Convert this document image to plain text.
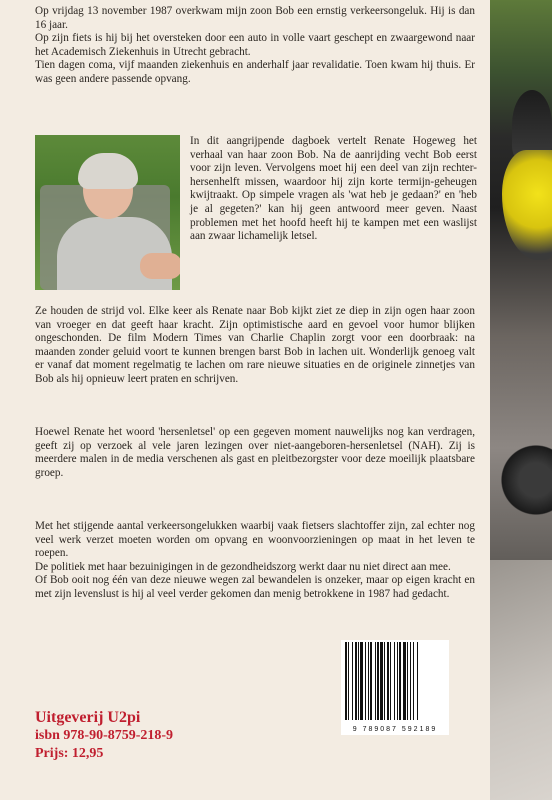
Op vrijdag 13 november 1987 overkwam mijn zoon Bob een ernstig verkeersongeluk. Hij is dan 16 jaar.
Op zijn fiets is hij bij het oversteken door een auto in volle vaart geschept en zwaargewond naar het Academisch Ziekenhuis in Utrecht gebracht.
Tien dagen coma, vijf maanden ziekenhuis en anderhalf jaar revalidatie. Toen kwam hij thuis. Er was geen andere passende opvang.

In dit aangrijpende dagboek vertelt Renate Hogeweg het verhaal van haar zoon Bob. Na de aanrijding vecht Bob eerst voor zijn leven. Vervolgens moet hij een deel van zijn rechter-hersenhelft missen, waardoor hij zijn korte termijn-geheugen kwijtraakt. Op simpele vragen als 'wat heb je gedaan?' en 'heb je al gegeten?' kan hij geen antwoord meer geven. Naast problemen met het hoofd heeft hij te kampen met een waslijst aan zwaar lichamelijk letsel.

Ze houden de strijd vol. Elke keer als Renate naar Bob kijkt ziet ze diep in zijn ogen haar zoon van vroeger en dat geeft haar kracht. Zijn optimistische aard en gevoel voor humor blijken ongeschonden. De film Modern Times van Charlie Chaplin zorgt voor een doorbraak: na maanden zonder geluid voort te kunnen brengen barst Bob in lachen uit. Wonderlijk genoeg valt er vanaf dat moment regelmatig te lachen om rare nieuwe situaties en de originele zinnetjes van Bob als hij opnieuw leert praten en schrijven.

Hoewel Renate het woord 'hersenletsel' op een gegeven moment nauwelijks nog kan verdragen, geeft zij op verzoek al vele jaren lezingen over niet-aangeboren-hersenletsel (NAH). Zij is meerdere malen in de media verschenen als gast en pleitbezorgster voor deze moeilijk plaatsbare groep.

Met het stijgende aantal verkeersongelukken waarbij vaak fietsers slachtoffer zijn, zal echter nog veel werk verzet moeten worden om opvang en woonvoorzieningen op maat in het leven te roepen.
De politiek met haar bezuinigingen in de gezondheidszorg werkt daar nu niet direct aan mee.
Of Bob ooit nog één van deze nieuwe wegen zal bewandelen is onzeker, maar op eigen kracht en met zijn levenslust is hij al veel verder gekomen dan menig betrokkene in 1987 had gedacht.

Uitgeverij U2pi

isbn 978-90-8759-218-9

Prijs: 12,95

9 789087 592189
